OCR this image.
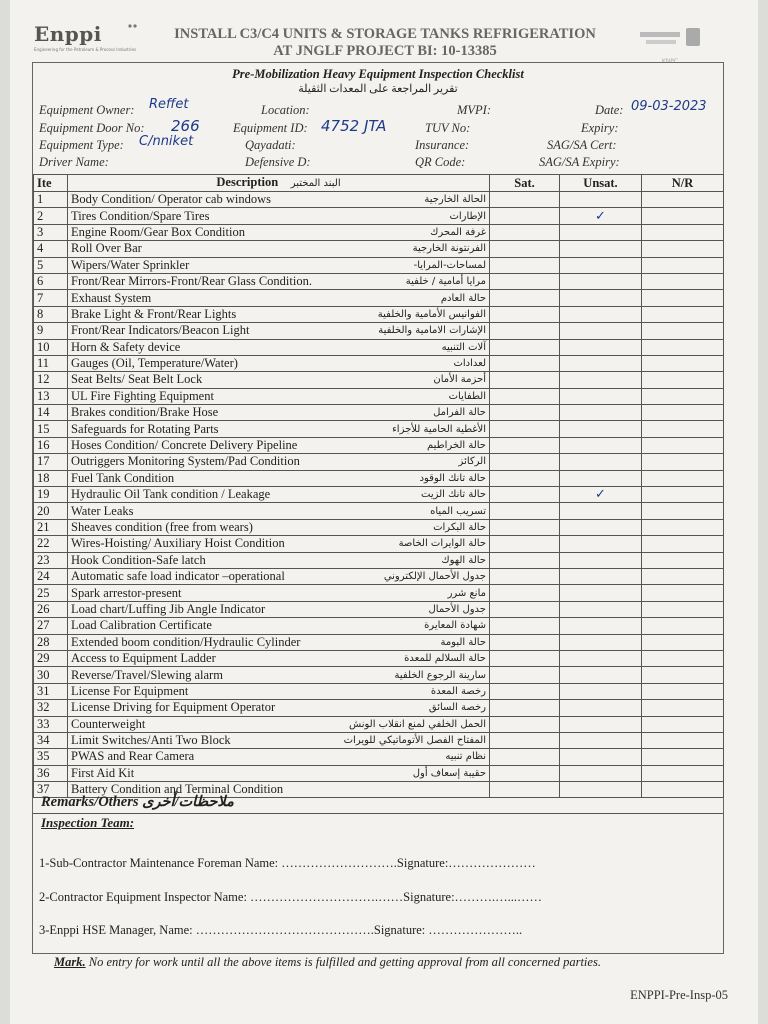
Enppi
Engineering for the Petroleum & Process Industries
INSTALL C3/C4 UNITS & STORAGE TANKS REFRIGERATION
AT JNGLF PROJECT BI: 10-13385
KNPC
Pre-Mobilization Heavy Equipment Inspection Checklist
تقرير المراجعة على المعدات الثقيلة
Equipment Owner: Reffet	Location:	MVPI:	Date: 09-03-2023
Equipment Door No: 266	Equipment ID: 4752 JTA	TUV No:	Expiry:
Equipment Type: C/nniket	Qayadati:	Insurance:	SAG/SA Cert:
Driver Name:	Defensive D:	QR Code:	SAG/SA Expiry:
Ite	Description البند المختبر	Sat.	Unsat.	N/R
1	Body Condition/ Operator cab windows الحالة الخارجية			

2	Tires Condition/Spare Tires الإطارات		✓	

3	Engine Room/Gear Box Condition غرفة المحرك			

4	Roll Over Bar الفرنتونة الخارجية			

5	Wipers/Water Sprinkler لمساحات-المرايا-			

6	Front/Rear Mirrors-Front/Rear Glass Condition. مرايا أمامية / خلفية			

7	Exhaust System حالة العادم			

8	Brake Light & Front/Rear Lights الفوانيس الأمامية والخلفية			

9	Front/Rear Indicators/Beacon Light الإشارات الامامية والخلفية			

10	Horn & Safety device آلات التنبيه			

11	Gauges (Oil, Temperature/Water) لعدادات			

12	Seat Belts/ Seat Belt Lock أحزمة الأمان			

13	UL Fire Fighting Equipment الطفايات			

14	Brakes condition/Brake Hose حالة الفرامل			

15	Safeguards for Rotating Parts الأغطية الحامية للأجزاء			

16	Hoses Condition/ Concrete Delivery Pipeline حالة الخراطيم			

17	Outriggers Monitoring System/Pad Condition الركائز			

18	Fuel Tank Condition حالة تانك الوقود			

19	Hydraulic Oil Tank condition / Leakage حالة تانك الزيت		✓	

20	Water Leaks تسريب المياه			

21	Sheaves condition (free from wears) حالة البكرات			

22	Wires-Hoisting/ Auxiliary Hoist Condition حالة الوايرات الخاصة			

23	Hook Condition-Safe latch حالة الهوك			

24	Automatic safe load indicator –operational جدول الأحمال الإلكتروني			

25	Spark arrestor-present مانع شرر			

26	Load chart/Luffing Jib Angle Indicator جدول الأحمال			

27	Load Calibration Certificate شهادة المعايرة			

28	Extended boom condition/Hydraulic Cylinder حالة البومة			

29	Access to Equipment Ladder حالة السلالم للمعدة			

30	Reverse/Travel/Slewing alarm سارينة الرجوع الخلفية			

31	License For Equipment رخصة المعدة			

32	License Driving for Equipment Operator رخصة السائق			

33	Counterweight الحمل الخلفي لمنع انقلاب الونش			

34	Limit Switches/Anti Two Block المفتاح الفصل الأتوماتيكي للويرات			

35	PWAS and Rear Camera نظام تنبيه			

36	First Aid Kit حقيبة إسعاف أول			

37	Battery Condition and Terminal Condition

Remarks/Others ملاحظات/أخرى
Inspection Team:
1-Sub-Contractor Maintenance Foreman Name: ……………………….Signature:…………………
2-Contractor Equipment Inspector Name: ………………………….……Signature:……….…...……
3-Enppi HSE Manager, Name: …………………………………….Signature: …………………..
Mark. No entry for work until all the above items is fulfilled and getting approval from all concerned parties.
ENPPI-Pre-Insp-05
